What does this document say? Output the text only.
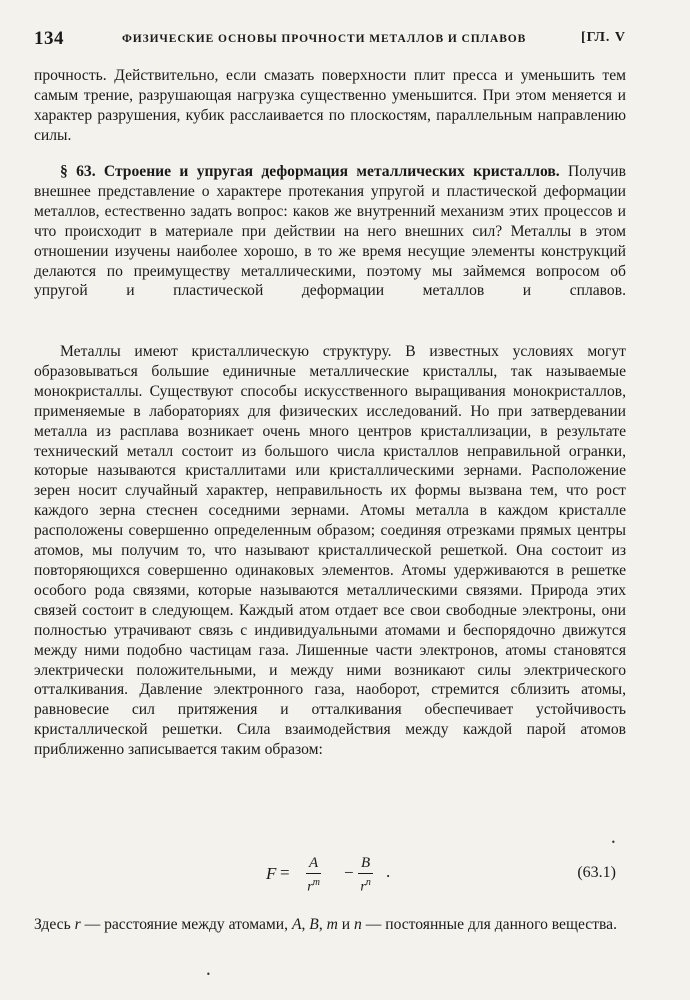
134	ФИЗИЧЕСКИЕ ОСНОВЫ ПРОЧНОСТИ МЕТАЛЛОВ И СПЛАВОВ	[ГЛ. V
прочность. Действительно, если смазать поверхности плит пресса и уменьшить тем самым трение, разрушающая нагрузка существенно уменьшится. При этом меняется и характер разрушения, кубик расслаивается по плоскостям, параллельным направлению силы.
§ 63. Строение и упругая деформация металлических кристаллов. Получив внешнее представление о характере протекания упругой и пластической деформации металлов, естественно задать вопрос: каков же внутренний механизм этих процессов и что происходит в материале при действии на него внешних сил? Металлы в этом отношении изучены наиболее хорошо, в то же время несущие элементы конструкций делаются по преимуществу металлическими, поэтому мы займемся вопросом об упругой и пластической деформации металлов и сплавов.
Металлы имеют кристаллическую структуру. В известных условиях могут образовываться большие единичные металлические кристаллы, так называемые монокристаллы. Существуют способы искусственного выращивания монокристаллов, применяемые в лабораториях для физических исследований. Но при затвердевании металла из расплава возникает очень много центров кристаллизации, в результате технический металл состоит из большого числа кристаллов неправильной огранки, которые называются кристаллитами или кристаллическими зернами. Расположение зерен носит случайный характер, неправильность их формы вызвана тем, что рост каждого зерна стеснен соседними зернами. Атомы металла в каждом кристалле расположены совершенно определенным образом; соединяя отрезками прямых центры атомов, мы получим то, что называют кристаллической решеткой. Она состоит из повторяющихся совершенно одинаковых элементов. Атомы удерживаются в решетке особого рода связями, которые называются металлическими связями. Природа этих связей состоит в следующем. Каждый атом отдает все свои свободные электроны, они полностью утрачивают связь с индивидуальными атомами и беспорядочно движутся между ними подобно частицам газа. Лишенные части электронов, атомы становятся электрически положительными, и между ними возникают силы электрического отталкивания. Давление электронного газа, наоборот, стремится сблизить атомы, равновесие сил притяжения и отталкивания обеспечивает устойчивость кристаллической решетки. Сила взаимодействия между каждой парой атомов приближенно записывается таким образом:
$F = \frac{A}{r^m} - \frac{B}{r^n}$ .	(63.1)
Здесь r — расстояние между атомами, A, B, m и n — постоянные для данного вещества.
•
•
